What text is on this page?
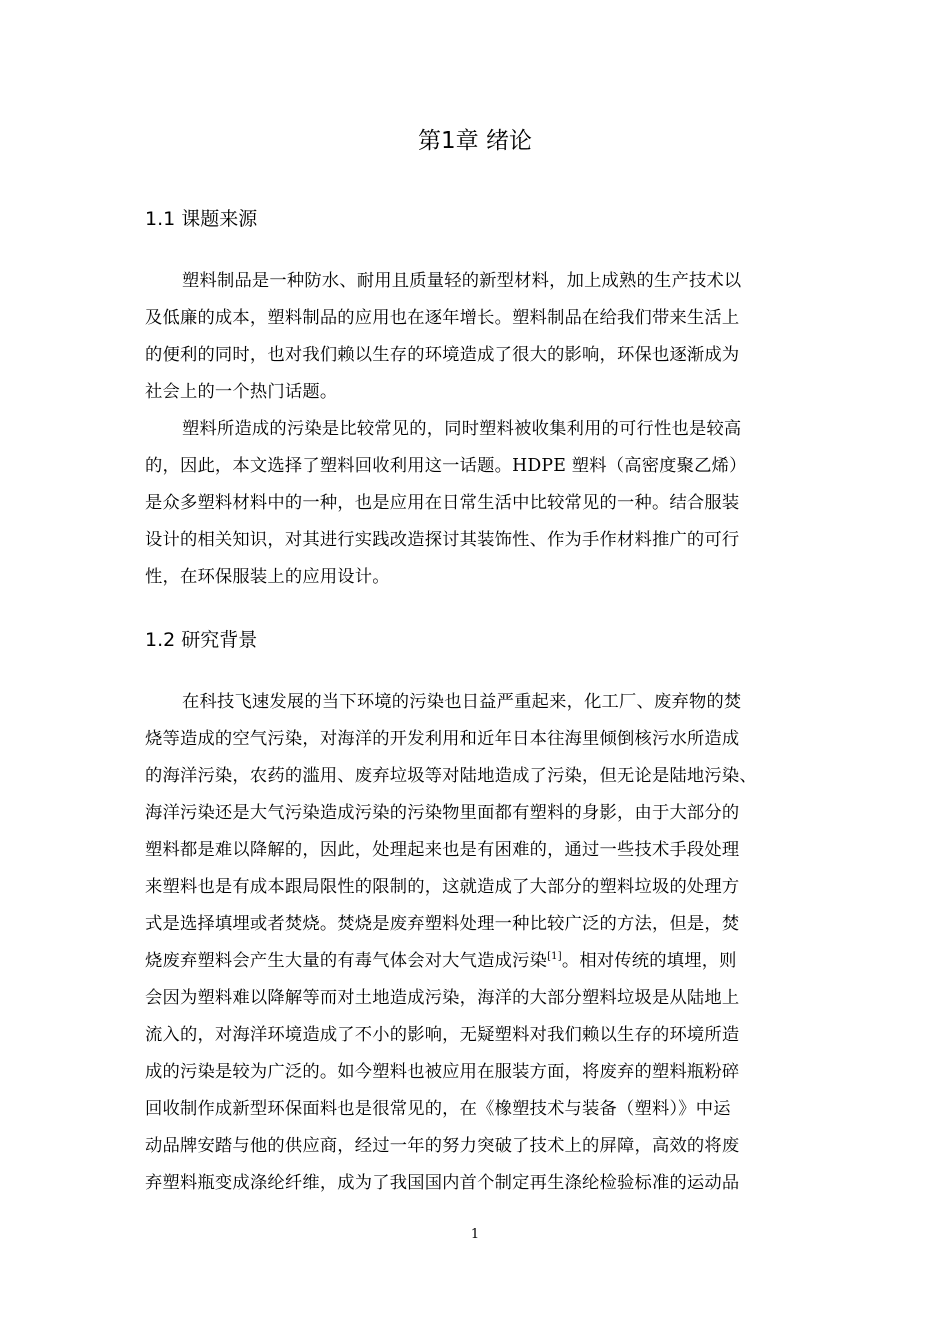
第1章 绪论
1.1 课题来源
塑料制品是一种防水、耐用且质量轻的新型材料，加上成熟的生产技术以
及低廉的成本，塑料制品的应用也在逐年增长。塑料制品在给我们带来生活上
的便利的同时，也对我们赖以生存的环境造成了很大的影响，环保也逐渐成为
社会上的一个热门话题。
塑料所造成的污染是比较常见的，同时塑料被收集利用的可行性也是较高
的，因此，本文选择了塑料回收利用这一话题。HDPE 塑料（高密度聚乙烯）
是众多塑料材料中的一种，也是应用在日常生活中比较常见的一种。结合服装
设计的相关知识，对其进行实践改造探讨其装饰性、作为手作材料推广的可行
性，在环保服装上的应用设计。
1.2 研究背景
在科技飞速发展的当下环境的污染也日益严重起来，化工厂、废弃物的焚
烧等造成的空气污染，对海洋的开发利用和近年日本往海里倾倒核污水所造成
的海洋污染，农药的滥用、废弃垃圾等对陆地造成了污染，但无论是陆地污染、
海洋污染还是大气污染造成污染的污染物里面都有塑料的身影，由于大部分的
塑料都是难以降解的，因此，处理起来也是有困难的，通过一些技术手段处理
来塑料也是有成本跟局限性的限制的，这就造成了大部分的塑料垃圾的处理方
式是选择填埋或者焚烧。焚烧是废弃塑料处理一种比较广泛的方法，但是，焚
烧废弃塑料会产生大量的有毒气体会对大气造成污染[1]。相对传统的填埋，则
会因为塑料难以降解等而对土地造成污染，海洋的大部分塑料垃圾是从陆地上
流入的，对海洋环境造成了不小的影响，无疑塑料对我们赖以生存的环境所造
成的污染是较为广泛的。如今塑料也被应用在服装方面，将废弃的塑料瓶粉碎
回收制作成新型环保面料也是很常见的，在《橡塑技术与装备（塑料）》中运
动品牌安踏与他的供应商，经过一年的努力突破了技术上的屏障，高效的将废
弃塑料瓶变成涤纶纤维，成为了我国国内首个制定再生涤纶检验标准的运动品
1
